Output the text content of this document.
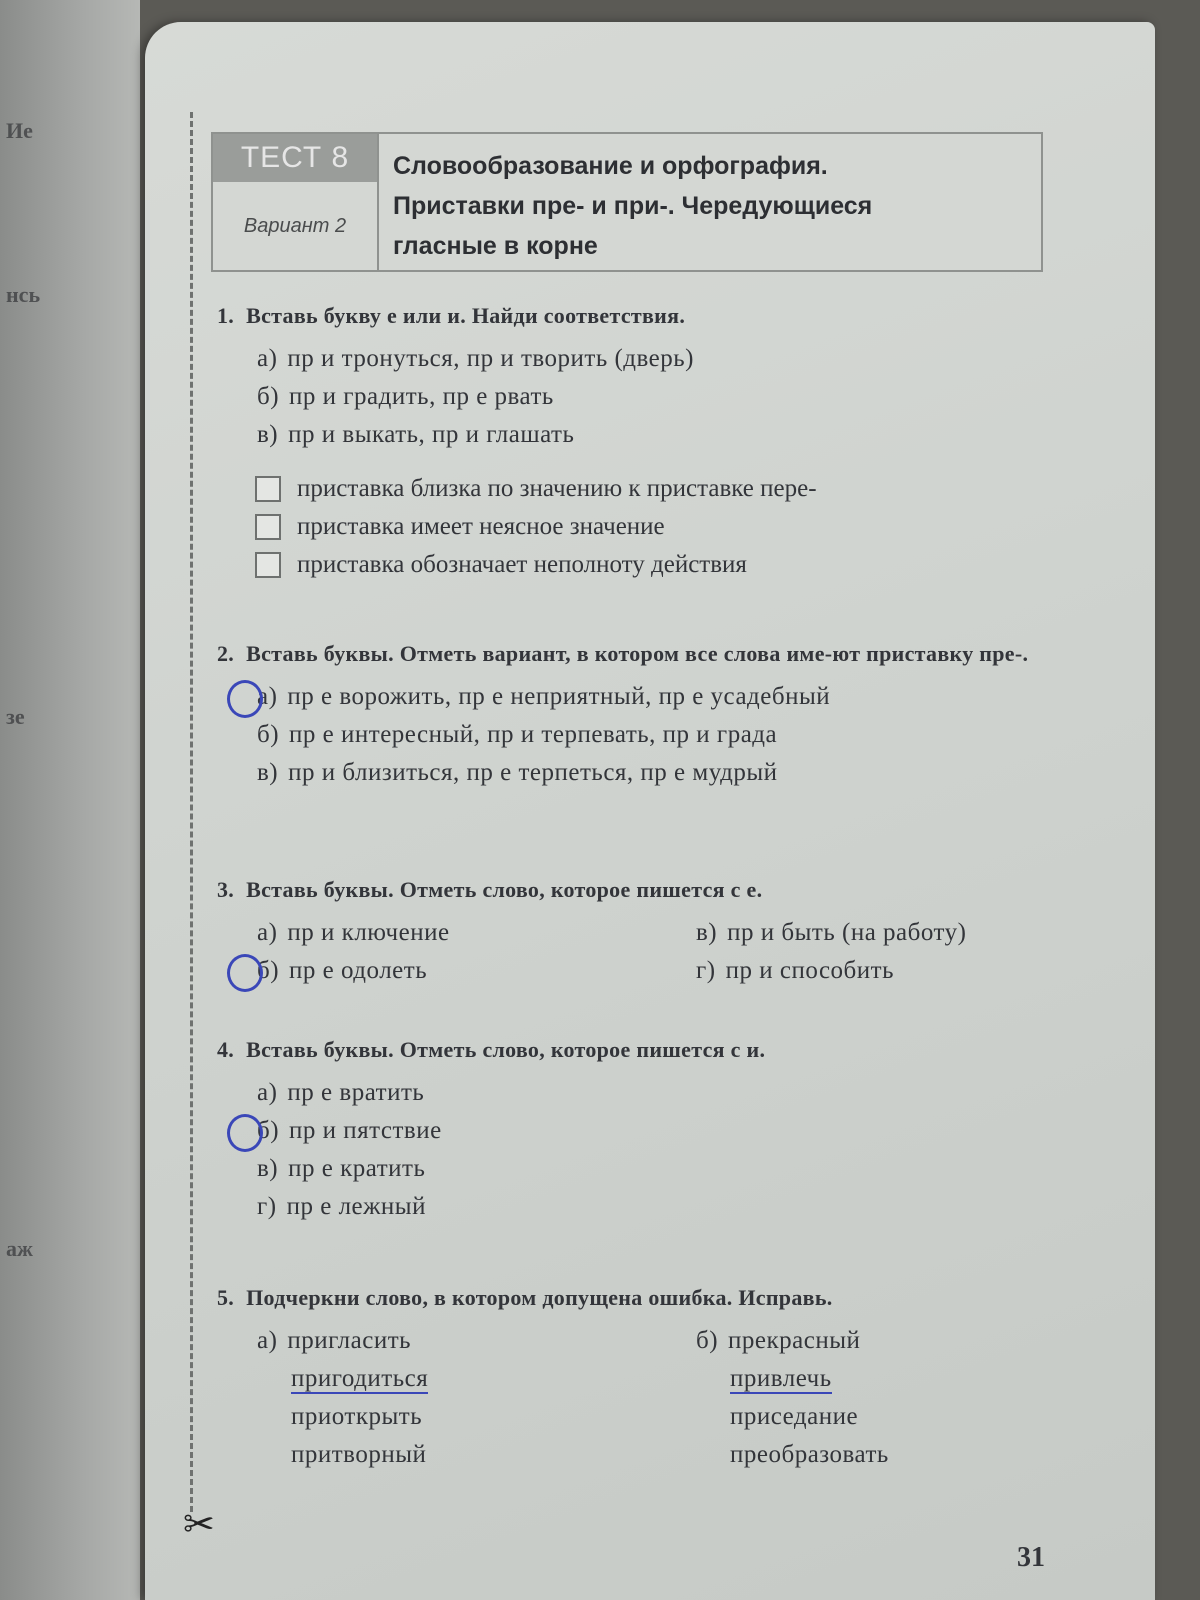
Ие
нсь
зе
аж
ТЕСТ 8
Вариант 2
Словообразование и орфография.
Приставки пре- и при-. Чередующиеся
гласные в корне
1. Вставь букву е или и. Найди соответствия.
а) пр и тронуться, пр и творить (дверь)
б) пр и градить, пр е рвать
в) пр и выкать, пр и глашать
приставка близка по значению к приставке пере-
приставка имеет неясное значение
приставка обозначает неполноту действия
2. Вставь буквы. Отметь вариант, в котором все слова име-ют приставку пре-.
а) пр е ворожить, пр е неприятный, пр е усадебный
б) пр е интересный, пр и терпевать, пр и града
в) пр и близиться, пр е терпеться, пр е мудрый
3. Вставь буквы. Отметь слово, которое пишется с е.
а) пр и ключение
б) пр е одолеть
в) пр и быть (на работу)
г) пр и способить
4. Вставь буквы. Отметь слово, которое пишется с и.
а) пр е вратить
б) пр и пятствие
в) пр е кратить
г) пр е лежный
5. Подчеркни слово, в котором допущена ошибка. Исправь.
а) пригласить
пригодиться
приоткрыть
притворный
б) прекрасный
привлечь
приседание
преобразовать
✂
31
